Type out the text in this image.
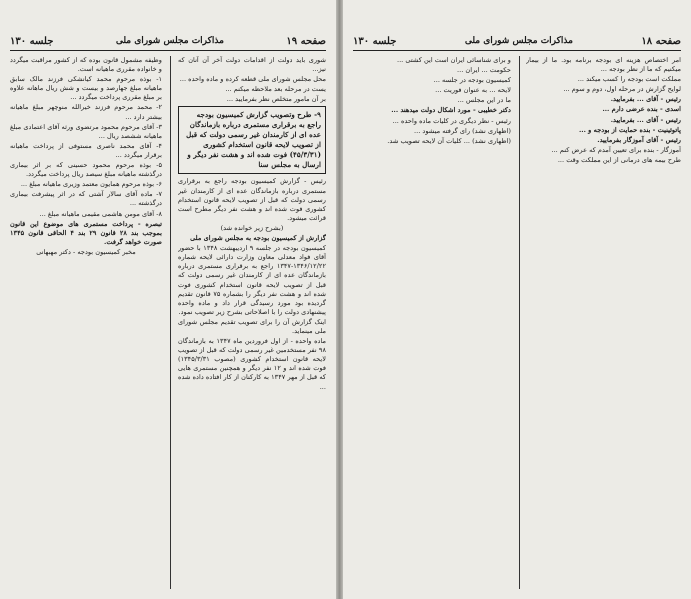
صفحه ۱۹
مذاکرات مجلس شورای ملی
جلسه ۱۳۰

شوری باید دولت از اقدامات دولت آخر آن آنان که نیز...

محل مجلس شورای ملی قطعه کرده و ماده واحده ...

یست در مرحله بعد ملاحظه میکنم ...

ب‍ر آن مامور متخلص نظر بفرمایید ...

۹- طرح وتصویب گزارش کمیسیون بودجه راجع به برقراری مستمری درباره بازماندگان عده ای از کارمندان غیر رسمی دولت که قبل از تصویب لایحه قانون استخدام کشوری (۴۵/۳/۳۱) فوت شده اند و هشت نفر دیگر و ارسال به مجلس سنا

رئیس - گزارش کمیسیون بودجه راجع به برقراری مستمری درباره بازماندگان عده ای از کارمندان غیر رسمی دولت که قبل از تصویب لایحه قانون استخدام کشوری فوت شده اند و هشت نفر دیگر مطرح است قرائت میشود.

(بشرح زیر خوانده شد)

گزارش از کمیسیون بودجه به مجلس شورای ملی

کمیسیون بودجه در جلسه ۹ اردیبهشت ۱۳۴۸ با حضور آقای فواد معدلی معاون وزارت دارائی لایحه شماره ۱۳۴۶/۱۲/۲۲-۱۳۴۷ راجع به برقراری مستمری درباره بازماندگان عده ای از کارمندان غیر رسمی دولت که قبل از تصویب لایحه قانون استخدام کشوری فوت شده اند و هشت نفر دیگر را بشماره ۷۵ قانون تقدیم گردیده بود مورد رسیدگی قرار داد و ماده واحده پیشنهادی دولت را با اصلاحاتی بشرح زیر تصویب نمود.

اینک گزارش آن را برای تصویب تقدیم مجلس شورای ملی مینماید.

ماده واحده - از اول فروردین ماه ۱۳۴۷ به بازماندگان ۹۸ نفر مستخدمین غیر رسمی دولت که قبل از تصویب لایحه قانون استخدام کشوری (مصوب ۱۳۴۵/۳/۳۱) فوت شده اند و ۱۲ نفر دیگر و همچنین مستمری هایی که قبل از مهر ۱۳۴۷ به کارکنان از کار افتاده داده شده ...

وظیفه مشمول قانون بوده که از کشور مراقبت میگردد و خانواده مقرری ماهیانه است.

۱- بوذه مرحوم محمد کیانشکی فرزند مالک سابق ماهیانه مبلغ جهارصد و بیست و شش ریال ماهانه علاوه بر مبلغ مقرری پرداخت میگردد ...

۲- محمد مرحوم فرزند خیرالله منوچهر مبلغ ماهیانه بیشتر دارد ...

۳- آقای مرحوم محمود مرتضوی ورثه آقای اعتمادی مبلغ ماهیانه ششصد ریال ...

۴- آقای محمد ناصری مستوفی از پرداخت ماهیانه برقرار میگردد ...

۵- بوذه مرحوم محمود حسینی که بر اثر بیماری درگذشته ماهیانه مبلغ سیصد ریال پرداخت میگردد.

۶- بوذه مرحوم همایون معتمد وزیری ماهیانه مبلغ ...

۷- ماده آقای سالار آشتی که در اثر پیشرفت بیماری درگذشته ...

۸- آقای مومن هاشمی مقیمی ماهیانه مبلغ ...

تبصره - پرداخت مستمری های موضوع این قانون بموجب بند ۲۸ قانون ۲۹ بند ۴ الحاقی قانون ۱۳۴۵ صورت خواهد گرفت.

مخبر کمیسیون بودجه - دکتر مهبهانی

صفحه ۱۸
مذاکرات مجلس شورای ملی
جلسه ۱۳۰

امر اختصاص هزینه ای بودجه برنامه بود. ما از بیمار میکنیم که ما از نظر بودجه ...

مملکت است بودجه را کسب میکند ...

لوایح گزارش در مرحله اول، دوم و سوم ...

رئیس - آقای ... بفرمایید.

اسدی - بنده عرضی دارم ...

رئیس - آقای ... بفرمایید.

پاتوئینیت - بنده حمایت از بودجه و ...

رئیس - آقای آموزگار بفرمایید.

آموزگار - بنده برای تعیین آمدم که عرض کنم ...

طرح بیمه های درمانی از این مملکت وقت ...

و برای شناسائی ایران است این کشتی ...

حکومت ... ایران ...

کمیسیون بودجه در جلسه ...

لایحه ... به عنوان فوریت ...

ما در این مجلس ...

دکتر خطیبی - مورد اشکال دولت میدهند ...

رئیس - نظر دیگری در کلیات ماده واحده ...

(اظهاری نشد) رای گرفته میشود ...

(اظهاری نشد) ... کلیات آن لایحه تصویب شد.
